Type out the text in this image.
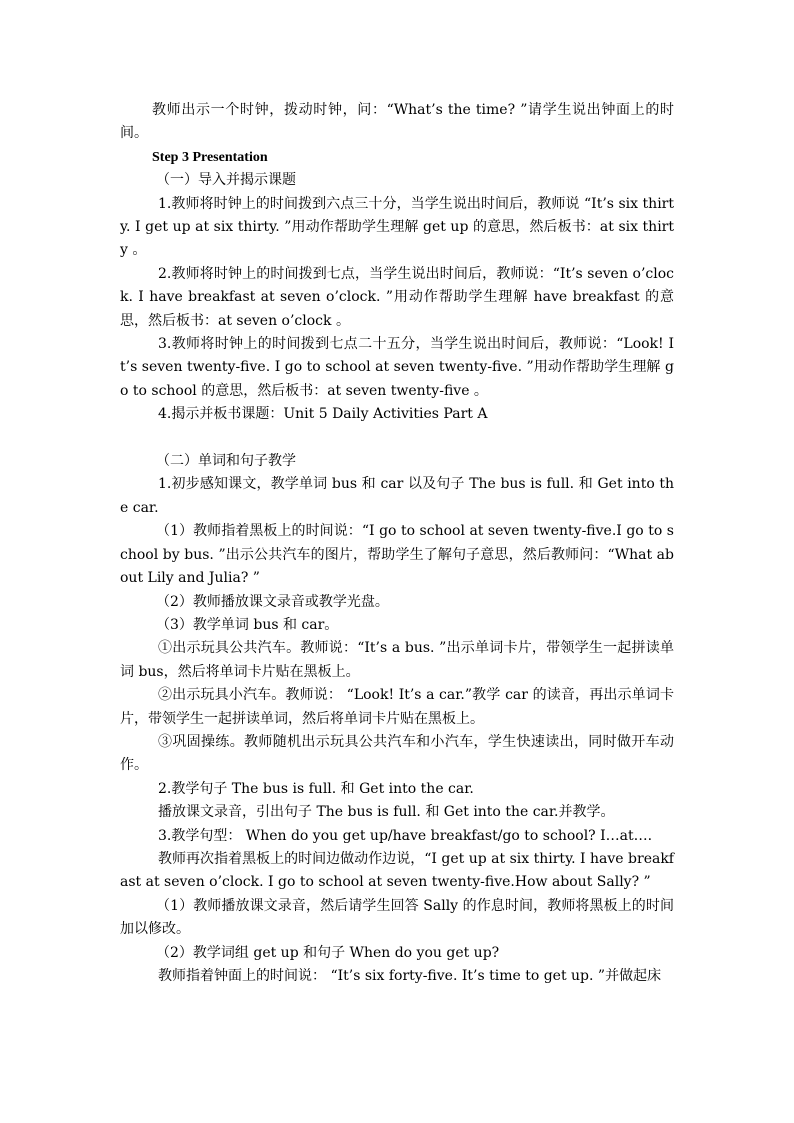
教师出示一个时钟，拨动时钟，问：“What’s the time? ”请学生说出钟面上的时间。

Step 3 Presentation

（一）导入并揭示课题

1.教师将时钟上的时间拨到六点三十分，当学生说出时间后，教师说 “It’s six thirty. I get up at six thirty. ”用动作帮助学生理解 get up 的意思，然后板书：at six thirty 。

2.教师将时钟上的时间拨到七点，当学生说出时间后，教师说：“It’s seven o’clock. I have breakfast at seven o’clock. ”用动作帮助学生理解 have breakfast 的意思，然后板书：at seven o’clock 。

3.教师将时钟上的时间拨到七点二十五分，当学生说出时间后，教师说：“Look! It’s seven twenty-five. I go to school at seven twenty-five. ”用动作帮助学生理解 go to school 的意思，然后板书：at seven twenty-five 。

4.揭示并板书课题：Unit 5 Daily Activities Part A

（二）单词和句子教学

1.初步感知课文，教学单词 bus 和 car 以及句子 The bus is full. 和 Get into the car.

（1）教师指着黑板上的时间说：“I go to school at seven twenty-five.I go to school by bus. ”出示公共汽车的图片，帮助学生了解句子意思，然后教师问：“What about Lily and Julia? ”

（2）教师播放课文录音或教学光盘。

（3）教学单词 bus 和 car。

①出示玩具公共汽车。教师说：“It’s a bus. ”出示单词卡片，带领学生一起拼读单词 bus，然后将单词卡片贴在黑板上。

②出示玩具小汽车。教师说： “Look! It’s a car.”教学 car 的读音，再出示单词卡片，带领学生一起拼读单词，然后将单词卡片贴在黑板上。

③巩固操练。教师随机出示玩具公共汽车和小汽车，学生快速读出，同时做开车动作。

2.教学句子 The bus is full. 和 Get into the car.

播放课文录音，引出句子 The bus is full. 和 Get into the car.并教学。

3.教学句型： When do you get up/have breakfast/go to school? I…at….

教师再次指着黑板上的时间边做动作边说，“I get up at six thirty. I have breakfast at seven o’clock. I go to school at seven twenty-five.How about Sally? ”

（1）教师播放课文录音，然后请学生回答 Sally 的作息时间，教师将黑板上的时间加以修改。

（2）教学词组 get up 和句子 When do you get up?

教师指着钟面上的时间说： “It’s six forty-five. It’s time to get up. ”并做起床
